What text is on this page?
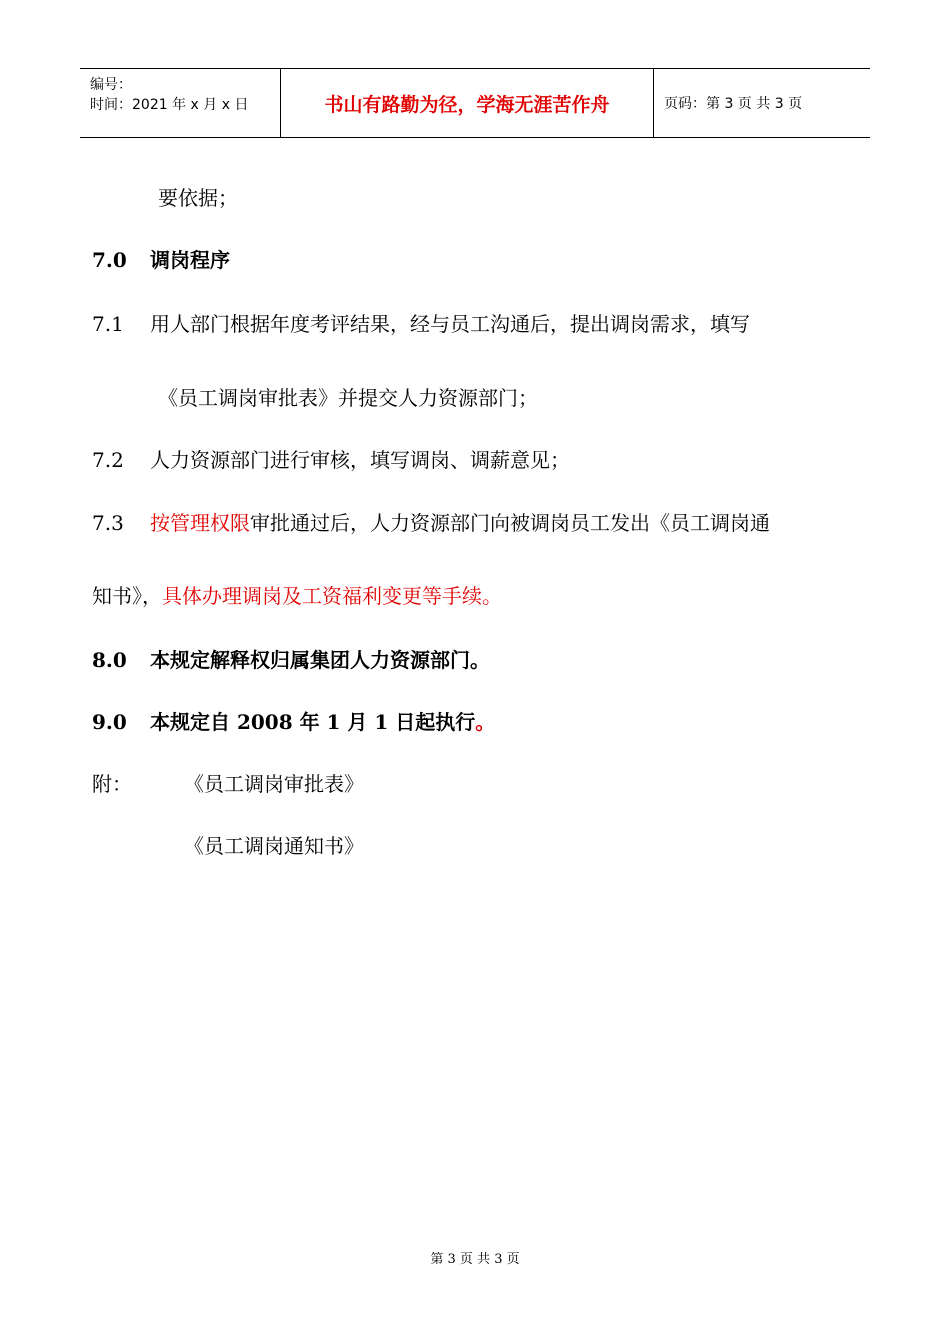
编号：
时间：2021 年 x 月 x 日	书山有路勤为径，学海无涯苦作舟	页码：第 3 页 共 3 页
要依据；
7.0 调岗程序
7.1 用人部门根据年度考评结果，经与员工沟通后，提出调岗需求，填写
《员工调岗审批表》并提交人力资源部门；
7.2 人力资源部门进行审核，填写调岗、调薪意见；
7.3 按管理权限审批通过后，人力资源部门向被调岗员工发出《员工调岗通
知书》，具体办理调岗及工资福利变更等手续。
8.0 本规定解释权归属集团人力资源部门。
9.0 本规定自 2008 年 1 月 1 日起执行。
附：	《员工调岗审批表》
《员工调岗通知书》
第 3 页 共 3 页
